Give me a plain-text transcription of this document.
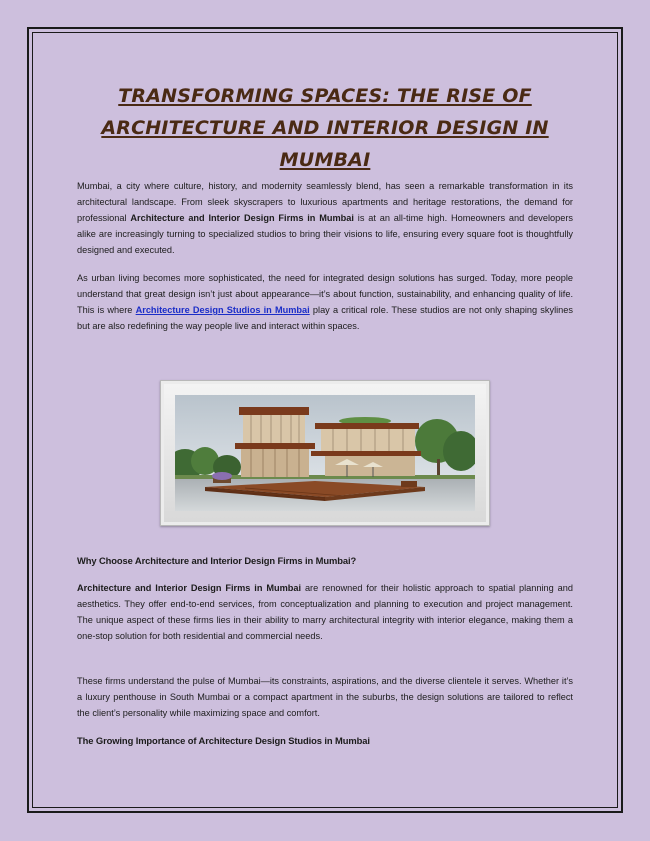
TRANSFORMING SPACES: THE RISE OF ARCHITECTURE AND INTERIOR DESIGN IN MUMBAI

Mumbai, a city where culture, history, and modernity seamlessly blend, has seen a remarkable transformation in its architectural landscape. From sleek skyscrapers to luxurious apartments and heritage restorations, the demand for professional Architecture and Interior Design Firms in Mumbai is at an all-time high. Homeowners and developers alike are increasingly turning to specialized studios to bring their visions to life, ensuring every square foot is thoughtfully designed and executed.

As urban living becomes more sophisticated, the need for integrated design solutions has surged. Today, more people understand that great design isn’t just about appearance—it’s about function, sustainability, and enhancing quality of life. This is where Architecture Design Studios in Mumbai play a critical role. These studios are not only shaping skylines but are also redefining the way people live and interact within spaces.

Why Choose Architecture and Interior Design Firms in Mumbai?

Architecture and Interior Design Firms in Mumbai are renowned for their holistic approach to spatial planning and aesthetics. They offer end-to-end services, from conceptualization and planning to execution and project management. The unique aspect of these firms lies in their ability to marry architectural integrity with interior elegance, making them a one-stop solution for both residential and commercial needs.

These firms understand the pulse of Mumbai—its constraints, aspirations, and the diverse clientele it serves. Whether it’s a luxury penthouse in South Mumbai or a compact apartment in the suburbs, the design solutions are tailored to reflect the client’s personality while maximizing space and comfort.

The Growing Importance of Architecture Design Studios in Mumbai
